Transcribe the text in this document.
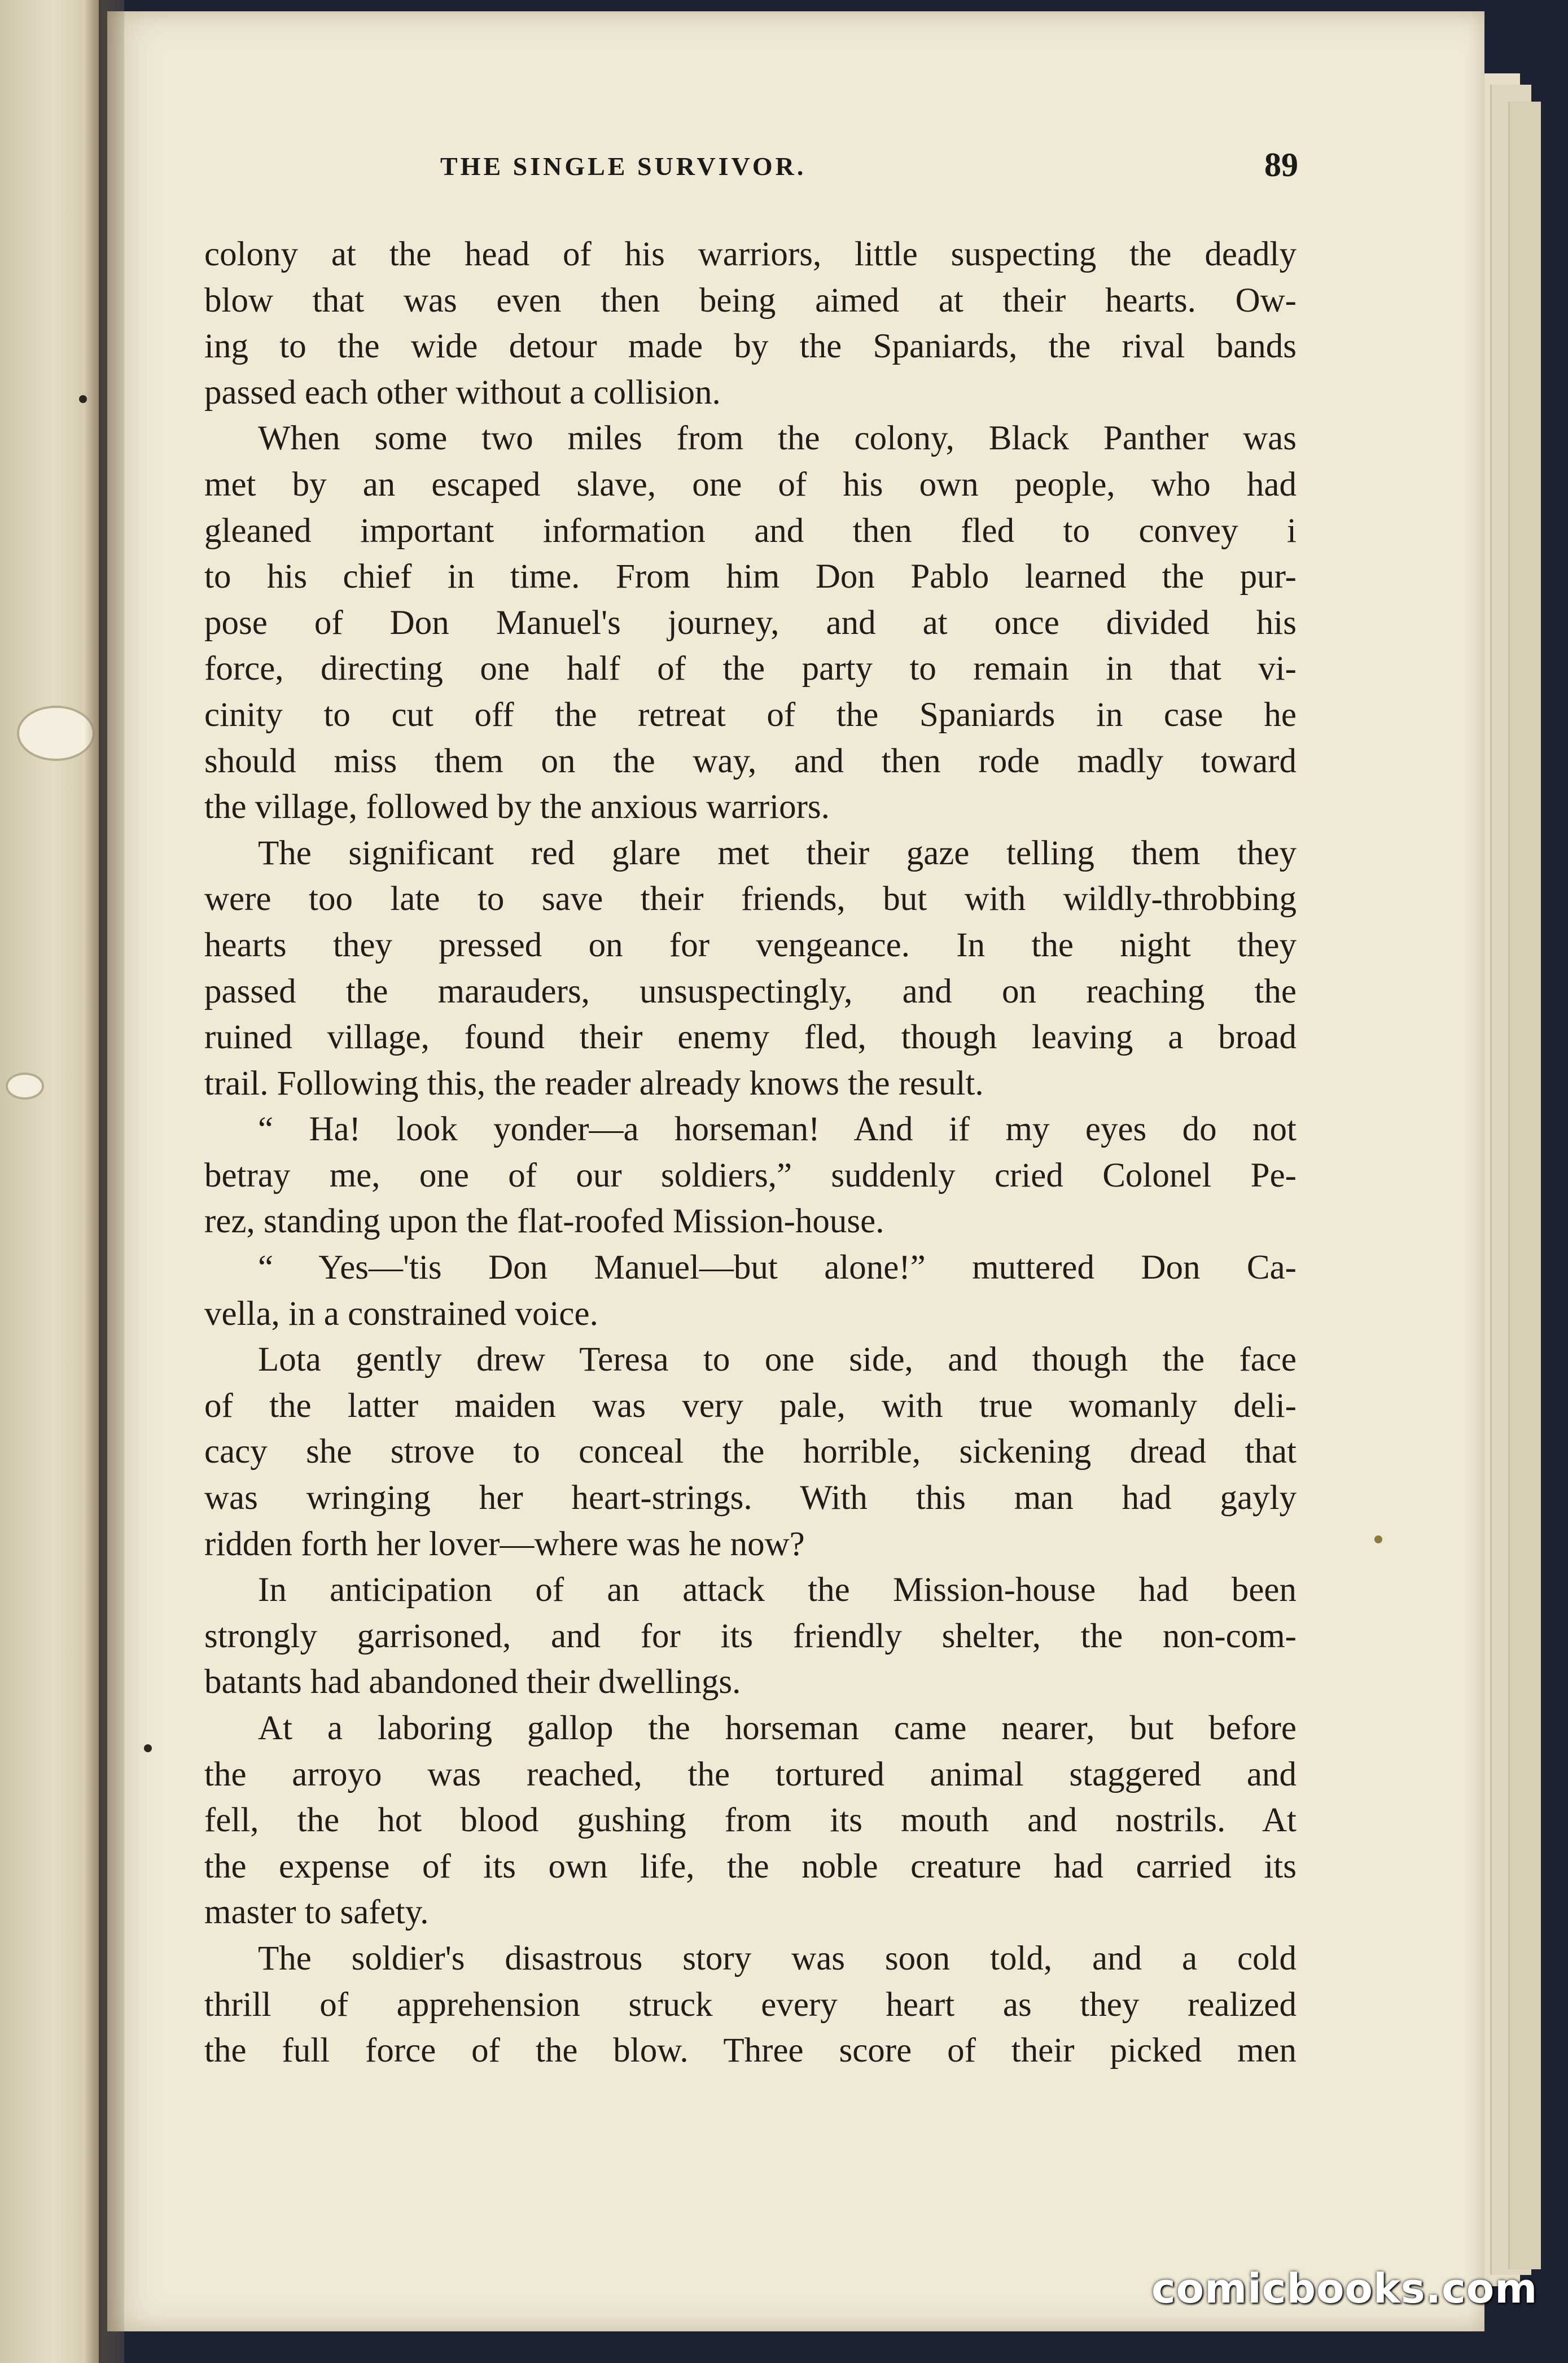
THE SINGLE SURVIVOR.	89
colony at the head of his warriors, little suspecting the deadly
blow that was even then being aimed at their hearts. Ow-
ing to the wide detour made by the Spaniards, the rival bands
passed each other without a collision.
When some two miles from the colony, Black Panther was
met by an escaped slave, one of his own people, who had
gleaned important information and then fled to convey i
to his chief in time. From him Don Pablo learned the pur-
pose of Don Manuel's journey, and at once divided his
force, directing one half of the party to remain in that vi-
cinity to cut off the retreat of the Spaniards in case he
should miss them on the way, and then rode madly toward
the village, followed by the anxious warriors.
The significant red glare met their gaze telling them they
were too late to save their friends, but with wildly-throbbing
hearts they pressed on for vengeance. In the night they
passed the marauders, unsuspectingly, and on reaching the
ruined village, found their enemy fled, though leaving a broad
trail. Following this, the reader already knows the result.
“ Ha! look yonder—a horseman! And if my eyes do not
betray me, one of our soldiers,” suddenly cried Colonel Pe-
rez, standing upon the flat-roofed Mission-house.
“ Yes—'tis Don Manuel—but alone!” muttered Don Ca-
vella, in a constrained voice.
Lota gently drew Teresa to one side, and though the face
of the latter maiden was very pale, with true womanly deli-
cacy she strove to conceal the horrible, sickening dread that
was wringing her heart-strings. With this man had gayly
ridden forth her lover—where was he now?
In anticipation of an attack the Mission-house had been
strongly garrisoned, and for its friendly shelter, the non-com-
batants had abandoned their dwellings.
At a laboring gallop the horseman came nearer, but before
the arroyo was reached, the tortured animal staggered and
fell, the hot blood gushing from its mouth and nostrils. At
the expense of its own life, the noble creature had carried its
master to safety.
The soldier's disastrous story was soon told, and a cold
thrill of apprehension struck every heart as they realized
the full force of the blow. Three score of their picked men
comicbooks.com
